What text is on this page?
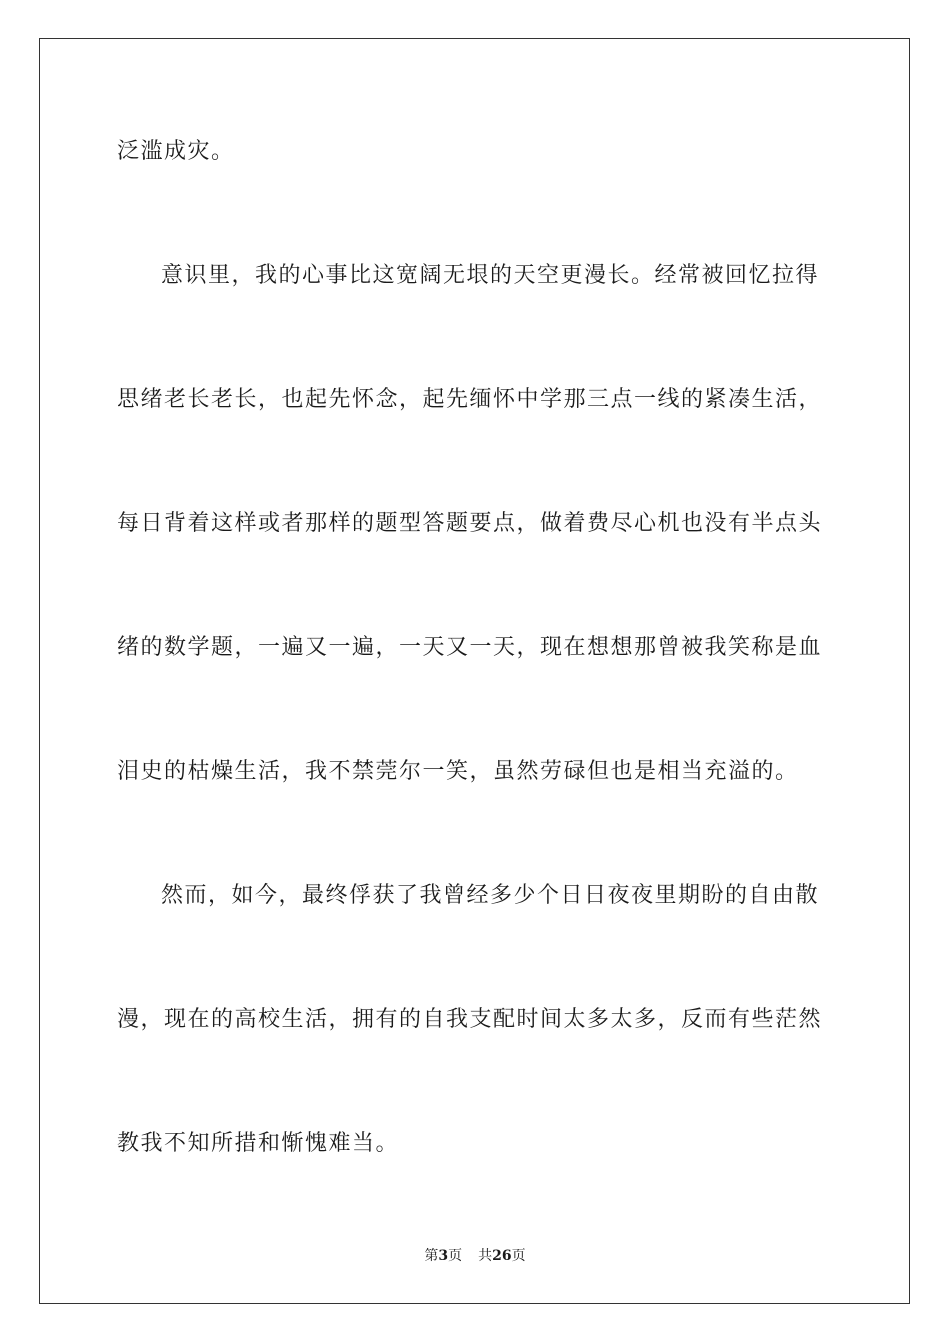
泛滥成灾。
意识里，我的心事比这宽阔无垠的天空更漫长。经常被回忆拉得
思绪老长老长，也起先怀念，起先缅怀中学那三点一线的紧凑生活，
每日背着这样或者那样的题型答题要点，做着费尽心机也没有半点头
绪的数学题，一遍又一遍，一天又一天，现在想想那曾被我笑称是血
泪史的枯燥生活，我不禁莞尔一笑，虽然劳碌但也是相当充溢的。
然而，如今，最终俘获了我曾经多少个日日夜夜里期盼的自由散
漫，现在的高校生活，拥有的自我支配时间太多太多，反而有些茫然
教我不知所措和惭愧难当。
第3页 共26页
